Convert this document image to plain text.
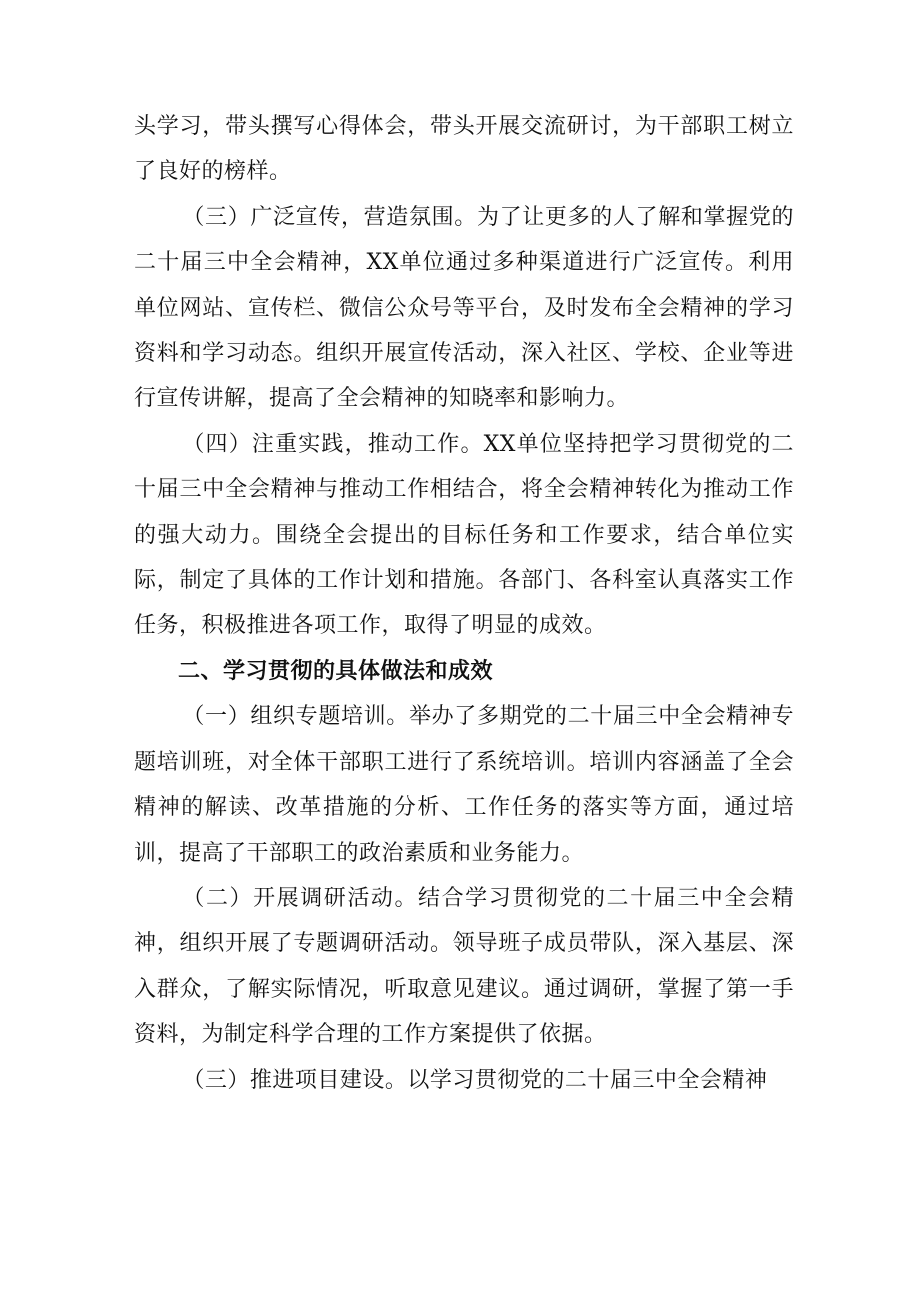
头学习，带头撰写心得体会，带头开展交流研讨，为干部职工树立了良好的榜样。

（三）广泛宣传，营造氛围。为了让更多的人了解和掌握党的二十届三中全会精神，XX单位通过多种渠道进行广泛宣传。利用单位网站、宣传栏、微信公众号等平台，及时发布全会精神的学习资料和学习动态。组织开展宣传活动，深入社区、学校、企业等进行宣传讲解，提高了全会精神的知晓率和影响力。

（四）注重实践，推动工作。XX单位坚持把学习贯彻党的二十届三中全会精神与推动工作相结合，将全会精神转化为推动工作的强大动力。围绕全会提出的目标任务和工作要求，结合单位实际，制定了具体的工作计划和措施。各部门、各科室认真落实工作任务，积极推进各项工作，取得了明显的成效。

二、学习贯彻的具体做法和成效

（一）组织专题培训。举办了多期党的二十届三中全会精神专题培训班，对全体干部职工进行了系统培训。培训内容涵盖了全会精神的解读、改革措施的分析、工作任务的落实等方面，通过培训，提高了干部职工的政治素质和业务能力。

（二）开展调研活动。结合学习贯彻党的二十届三中全会精神，组织开展了专题调研活动。领导班子成员带队，深入基层、深入群众，了解实际情况，听取意见建议。通过调研，掌握了第一手资料，为制定科学合理的工作方案提供了依据。

（三）推进项目建设。以学习贯彻党的二十届三中全会精神
